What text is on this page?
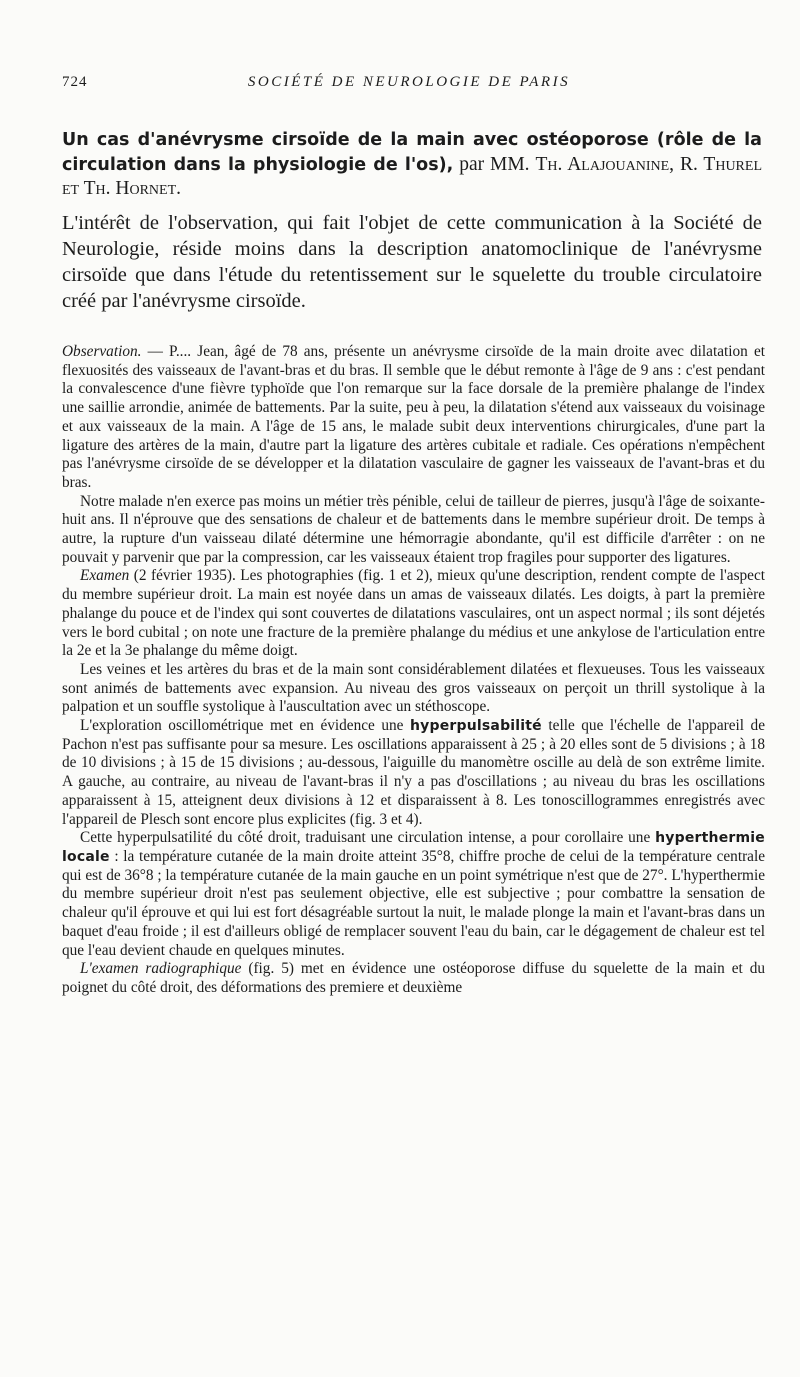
724	SOCIÉTÉ DE NEUROLOGIE DE PARIS
Un cas d'anévrysme cirsoïde de la main avec ostéoporose (rôle de la circulation dans la physiologie de l'os), par MM. Th. Alajouanine, R. Thurel et Th. Hornet.
L'intérêt de l'observation, qui fait l'objet de cette communication à la Société de Neurologie, réside moins dans la description anatomoclinique de l'anévrysme cirsoïde que dans l'étude du retentissement sur le squelette du trouble circulatoire créé par l'anévrysme cirsoïde.

Observation. — P.... Jean, âgé de 78 ans, présente un anévrysme cirsoïde de la main droite avec dilatation et flexuosités des vaisseaux de l'avant-bras et du bras. Il semble que le début remonte à l'âge de 9 ans : c'est pendant la convalescence d'une fièvre typhoïde que l'on remarque sur la face dorsale de la première phalange de l'index une saillie arrondie, animée de battements. Par la suite, peu à peu, la dilatation s'étend aux vaisseaux du voisinage et aux vaisseaux de la main. A l'âge de 15 ans, le malade subit deux interventions chirurgicales, d'une part la ligature des artères de la main, d'autre part la ligature des artères cubitale et radiale. Ces opérations n'empêchent pas l'anévrysme cirsoïde de se développer et la dilatation vasculaire de gagner les vaisseaux de l'avant-bras et du bras.

Notre malade n'en exerce pas moins un métier très pénible, celui de tailleur de pierres, jusqu'à l'âge de soixante-huit ans. Il n'éprouve que des sensations de chaleur et de battements dans le membre supérieur droit. De temps à autre, la rupture d'un vaisseau dilaté détermine une hémorragie abondante, qu'il est difficile d'arrêter : on ne pouvait y parvenir que par la compression, car les vaisseaux étaient trop fragiles pour supporter des ligatures.

Examen (2 février 1935). Les photographies (fig. 1 et 2), mieux qu'une description, rendent compte de l'aspect du membre supérieur droit. La main est noyée dans un amas de vaisseaux dilatés. Les doigts, à part la première phalange du pouce et de l'index qui sont couvertes de dilatations vasculaires, ont un aspect normal ; ils sont déjetés vers le bord cubital ; on note une fracture de la première phalange du médius et une ankylose de l'articulation entre la 2e et la 3e phalange du même doigt.

Les veines et les artères du bras et de la main sont considérablement dilatées et flexueuses. Tous les vaisseaux sont animés de battements avec expansion. Au niveau des gros vaisseaux on perçoit un thrill systolique à la palpation et un souffle systolique à l'auscultation avec un stéthoscope.

L'exploration oscillométrique met en évidence une hyperpulsabilité telle que l'échelle de l'appareil de Pachon n'est pas suffisante pour sa mesure. Les oscillations apparaissent à 25 ; à 20 elles sont de 5 divisions ; à 18 de 10 divisions ; à 15 de 15 divisions ; au-dessous, l'aiguille du manomètre oscille au delà de son extrême limite. A gauche, au contraire, au niveau de l'avant-bras il n'y a pas d'oscillations ; au niveau du bras les oscillations apparaissent à 15, atteignent deux divisions à 12 et disparaissent à 8. Les tonoscillogrammes enregistrés avec l'appareil de Plesch sont encore plus explicites (fig. 3 et 4).

Cette hyperpulsatilité du côté droit, traduisant une circulation intense, a pour corollaire une hyperthermie locale : la température cutanée de la main droite atteint 35°8, chiffre proche de celui de la température centrale qui est de 36°8 ; la température cutanée de la main gauche en un point symétrique n'est que de 27°. L'hyperthermie du membre supérieur droit n'est pas seulement objective, elle est subjective ; pour combattre la sensation de chaleur qu'il éprouve et qui lui est fort désagréable surtout la nuit, le malade plonge la main et l'avant-bras dans un baquet d'eau froide ; il est d'ailleurs obligé de remplacer souvent l'eau du bain, car le dégagement de chaleur est tel que l'eau devient chaude en quelques minutes.

L'examen radiographique (fig. 5) met en évidence une ostéoporose diffuse du squelette de la main et du poignet du côté droit, des déformations des premiere et deuxième
